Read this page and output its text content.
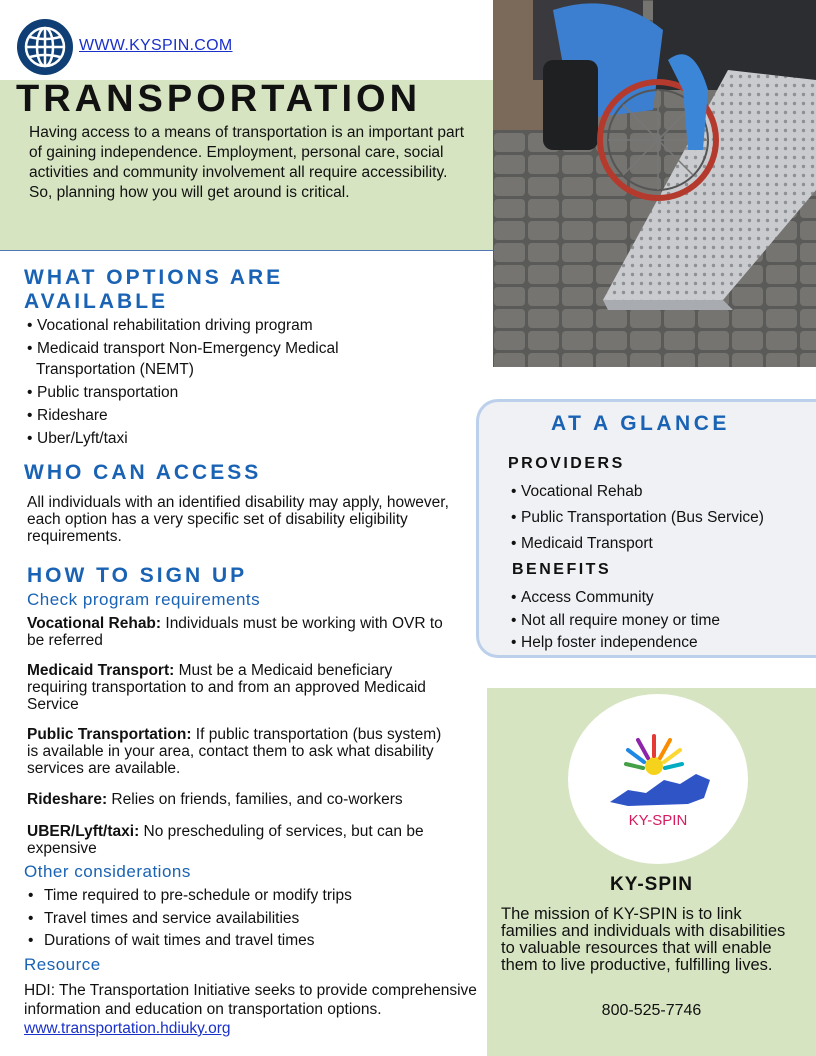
WWW.KYSPIN.COM
TRANSPORTATION
Having access to a means of transportation is an important part of gaining independence. Employment, personal care, social activities and community involvement all require accessibility. So, planning how you will get around is critical.
WHAT OPTIONS ARE
AVAILABLE
• Vocational rehabilitation driving program
• Medicaid transport Non-Emergency Medical
Transportation (NEMT)
• Public transportation
• Rideshare
• Uber/Lyft/taxi
WHO CAN ACCESS
All individuals with an identified disability may apply, however, each option has a very specific set of disability eligibility requirements.
HOW TO SIGN UP
Check program requirements
Vocational Rehab: Individuals must be working with OVR to be referred
Medicaid Transport: Must be a Medicaid beneficiary requiring transportation to and from an approved Medicaid Service
Public Transportation: If public transportation (bus system) is available in your area, contact them to ask what disability services are available.
Rideshare: Relies on friends, families, and co-workers
UBER/Lyft/taxi: No prescheduling of services, but can be expensive
Other considerations
• Time required to pre-schedule or modify trips
• Travel times and service availabilities
• Durations of wait times and travel times
Resource
HDI: The Transportation Initiative seeks to provide comprehensive information and education on transportation options. www.transportation.hdiuky.org
AT A GLANCE
PROVIDERS
• Vocational Rehab
• Public Transportation (Bus Service)
• Medicaid Transport
BENEFITS
• Access Community
• Not all require money or time
• Help foster independence
KY-SPIN
KY-SPIN
The mission of KY-SPIN is to link families and individuals with disabilities to valuable resources that will enable them to live productive, fulfilling lives.
800-525-7746
